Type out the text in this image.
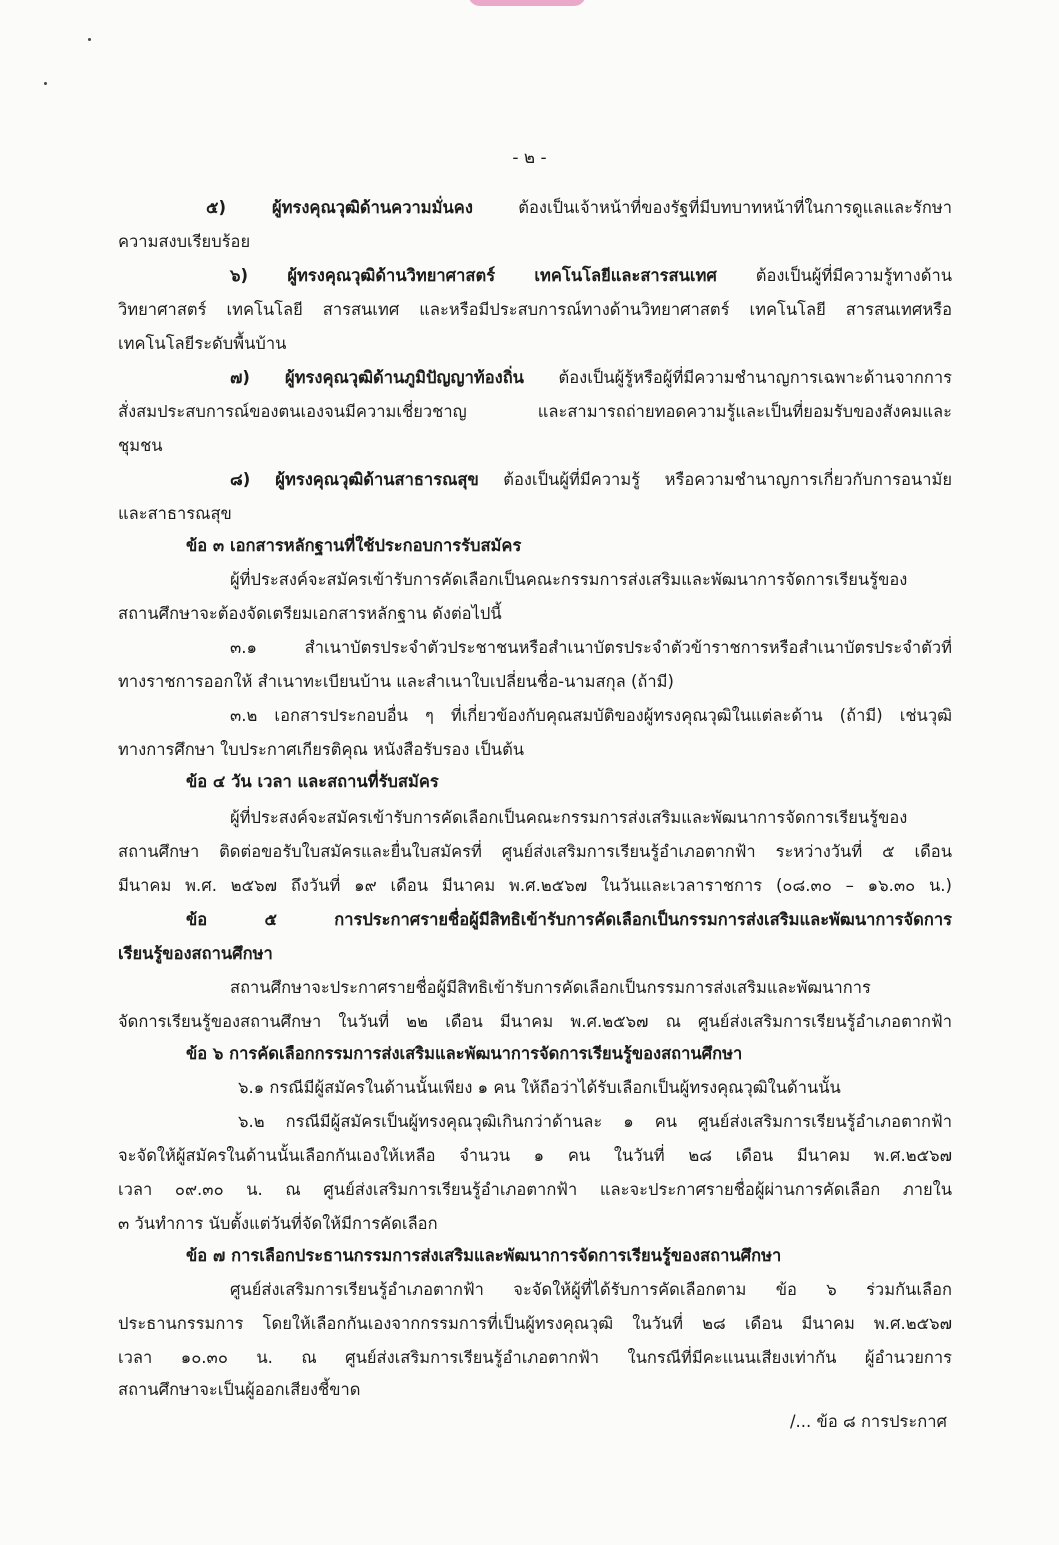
- ๒ -
๕) ผู้ทรงคุณวุฒิด้านความมั่นคง ต้องเป็นเจ้าหน้าที่ของรัฐที่มีบทบาทหน้าที่ในการดูแลและรักษา
ความสงบเรียบร้อย
๖) ผู้ทรงคุณวุฒิด้านวิทยาศาสตร์ เทคโนโลยีและสารสนเทศ ต้องเป็นผู้ที่มีความรู้ทางด้าน
วิทยาศาสตร์ เทคโนโลยี สารสนเทศ และหรือมีประสบการณ์ทางด้านวิทยาศาสตร์ เทคโนโลยี สารสนเทศหรือ
เทคโนโลยีระดับพื้นบ้าน
๗) ผู้ทรงคุณวุฒิด้านภูมิปัญญาท้องถิ่น ต้องเป็นผู้รู้หรือผู้ที่มีความชำนาญการเฉพาะด้านจากการ
สั่งสมประสบการณ์ของตนเองจนมีความเชี่ยวชาญ และสามารถถ่ายทอดความรู้และเป็นที่ยอมรับของสังคมและ
ชุมชน
๘) ผู้ทรงคุณวุฒิด้านสาธารณสุข ต้องเป็นผู้ที่มีความรู้ หรือความชำนาญการเกี่ยวกับการอนามัย
และสาธารณสุข
ข้อ ๓ เอกสารหลักฐานที่ใช้ประกอบการรับสมัคร
ผู้ที่ประสงค์จะสมัครเข้ารับการคัดเลือกเป็นคณะกรรมการส่งเสริมและพัฒนาการจัดการเรียนรู้ของ
สถานศึกษาจะต้องจัดเตรียมเอกสารหลักฐาน ดังต่อไปนี้
๓.๑ สำเนาบัตรประจำตัวประชาชนหรือสำเนาบัตรประจำตัวข้าราชการหรือสำเนาบัตรประจำตัวที่
ทางราชการออกให้ สำเนาทะเบียนบ้าน และสำเนาใบเปลี่ยนชื่อ-นามสกุล (ถ้ามี)
๓.๒ เอกสารประกอบอื่น ๆ ที่เกี่ยวข้องกับคุณสมบัติของผู้ทรงคุณวุฒิในแต่ละด้าน (ถ้ามี) เช่นวุฒิ
ทางการศึกษา ใบประกาศเกียรติคุณ หนังสือรับรอง เป็นต้น
ข้อ ๔ วัน เวลา และสถานที่รับสมัคร
ผู้ที่ประสงค์จะสมัครเข้ารับการคัดเลือกเป็นคณะกรรมการส่งเสริมและพัฒนาการจัดการเรียนรู้ของ
สถานศึกษา ติดต่อขอรับใบสมัครและยื่นใบสมัครที่ ศูนย์ส่งเสริมการเรียนรู้อำเภอตากฟ้า ระหว่างวันที่ ๕ เดือน
มีนาคม พ.ศ. ๒๕๖๗ ถึงวันที่ ๑๙ เดือน มีนาคม พ.ศ.๒๕๖๗ ในวันและเวลาราชการ (๐๘.๓๐ – ๑๖.๓๐ น.)
ข้อ ๕ การประกาศรายชื่อผู้มีสิทธิเข้ารับการคัดเลือกเป็นกรรมการส่งเสริมและพัฒนาการจัดการ
เรียนรู้ของสถานศึกษา
สถานศึกษาจะประกาศรายชื่อผู้มีสิทธิเข้ารับการคัดเลือกเป็นกรรมการส่งเสริมและพัฒนาการ
จัดการเรียนรู้ของสถานศึกษา ในวันที่ ๒๒ เดือน มีนาคม พ.ศ.๒๕๖๗ ณ ศูนย์ส่งเสริมการเรียนรู้อำเภอตากฟ้า
ข้อ ๖ การคัดเลือกกรรมการส่งเสริมและพัฒนาการจัดการเรียนรู้ของสถานศึกษา
๖.๑ กรณีมีผู้สมัครในด้านนั้นเพียง ๑ คน ให้ถือว่าได้รับเลือกเป็นผู้ทรงคุณวุฒิในด้านนั้น
๖.๒ กรณีมีผู้สมัครเป็นผู้ทรงคุณวุฒิเกินกว่าด้านละ ๑ คน ศูนย์ส่งเสริมการเรียนรู้อำเภอตากฟ้า
จะจัดให้ผู้สมัครในด้านนั้นเลือกกันเองให้เหลือ จำนวน ๑ คน ในวันที่ ๒๘ เดือน มีนาคม พ.ศ.๒๕๖๗
เวลา ๐๙.๓๐ น. ณ ศูนย์ส่งเสริมการเรียนรู้อำเภอตากฟ้า และจะประกาศรายชื่อผู้ผ่านการคัดเลือก ภายใน
๓ วันทำการ นับตั้งแต่วันที่จัดให้มีการคัดเลือก
ข้อ ๗ การเลือกประธานกรรมการส่งเสริมและพัฒนาการจัดการเรียนรู้ของสถานศึกษา
ศูนย์ส่งเสริมการเรียนรู้อำเภอตากฟ้า จะจัดให้ผู้ที่ได้รับการคัดเลือกตาม ข้อ ๖ ร่วมกันเลือก
ประธานกรรมการ โดยให้เลือกกันเองจากกรรมการที่เป็นผู้ทรงคุณวุฒิ ในวันที่ ๒๘ เดือน มีนาคม พ.ศ.๒๕๖๗
เวลา ๑๐.๓๐ น. ณ ศูนย์ส่งเสริมการเรียนรู้อำเภอตากฟ้า ในกรณีที่มีคะแนนเสียงเท่ากัน ผู้อำนวยการ
สถานศึกษาจะเป็นผู้ออกเสียงชี้ขาด
/... ข้อ ๘ การประกาศ
